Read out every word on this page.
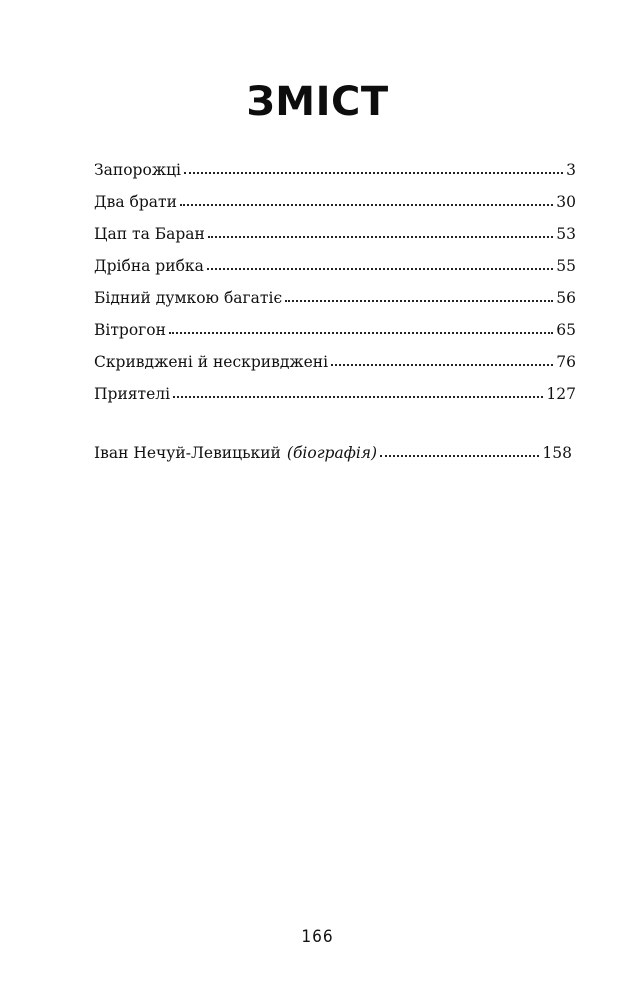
ЗМІСТ
Запорожці	3
Два брати	30
Цап та Баран	53
Дрібна рибка	55
Бідний думкою багатіє	56
Вітрогон	65
Скривджені й нескривджені	76
Приятелі	127
Іван Нечуй-Левицький (біографія)	158
166
